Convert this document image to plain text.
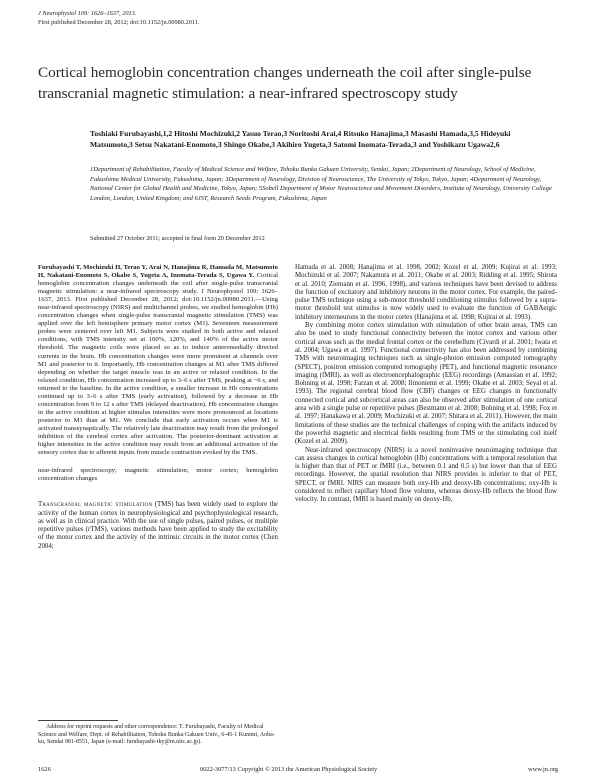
J Neurophysiol 109: 1626–1637, 2013.
First published December 28, 2012; doi:10.1152/jn.00980.2011.
Cortical hemoglobin concentration changes underneath the coil after single-pulse transcranial magnetic stimulation: a near-infrared spectroscopy study
Toshiaki Furubayashi,1,2 Hitoshi Mochizuki,2 Yasuo Terao,3 Noritoshi Arai,4 Ritsuko Hanajima,3 Masashi Hamada,3,5 Hideyuki Matsumoto,3 Setsu Nakatani-Enomoto,3 Shingo Okabe,3 Akihiro Yugeta,3 Satomi Inomata-Terada,3 and Yoshikazu Ugawa2,6
1Department of Rehabilitation, Faculty of Medical Science and Welfare, Tohoku Bunka Gakuen University, Sendai, Japan; 2Department of Neurology, School of Medicine, Fukushima Medical University, Fukushima, Japan; 3Department of Neurology, Division of Neuroscience, The University of Tokyo, Tokyo, Japan; 4Department of Neurology, National Center for Global Health and Medicine, Tokyo, Japan; 5Sobell Department of Motor Neuroscience and Movement Disorders, Institute of Neurology, University College London, London, United Kingdom; and 6JST, Research Seeds Program, Fukushima, Japan
Submitted 27 October 2011; accepted in final form 20 December 2012

Furubayashi T, Mochizuki H, Terao Y, Arai N, Hanajima R, Hamada M, Matsumoto H, Nakatani-Enomoto S, Okabe S, Yugeta A, Inomata-Terada S, Ugawa Y. Cortical hemoglobin concentration changes underneath the coil after single-pulse transcranial magnetic stimulation: a near-infrared spectroscopy study. J Neurophysiol 109: 1626–1637, 2013. First published December 28, 2012; doi:10.1152/jn.00980.2011.—Using near-infrared spectroscopy (NIRS) and multichannel probes, we studied hemoglobin (Hb) concentration changes when single-pulse transcranial magnetic stimulation (TMS) was applied over the left hemisphere primary motor cortex (M1). Seventeen measurement probes were centered over left M1. Subjects were studied in both active and relaxed conditions, with TMS intensity set at 100%, 120%, and 140% of the active motor threshold. The magnetic coils were placed so as to induce anteromedially directed currents in the brain. Hb concentration changes were more prominent at channels over M1 and posterior to it. Importantly, Hb concentration changes at M1 after TMS differed depending on whether the target muscle was in an active or relaxed condition. In the relaxed condition, Hb concentration increased up to 3–6 s after TMS, peaking at ~6 s, and returned to the baseline. In the active condition, a smaller increase in Hb concentrations continued up to 3–6 s after TMS (early activation), followed by a decrease in Hb concentration from 9 to 12 s after TMS (delayed deactivation). Hb concentration changes in the active condition at higher stimulus intensities were more pronounced at locations posterior to M1 than at M1. We conclude that early activation occurs when M1 is activated transsynaptically. The relatively late deactivation may result from the prolonged inhibition of the cerebral cortex after activation. The posterior-dominant activation at higher intensities in the active condition may result from an additional activation of the sensory cortex due to afferent inputs from muscle contraction evoked by the TMS.

near-infrared spectroscopy; magnetic stimulation; motor cortex; hemoglobin concentration changes

Transcranial magnetic stimulation (TMS) has been widely used to explore the activity of the human cortex in neurophysiological and psychophysiological research, as well as in clinical practice. With the use of single pulses, paired pulses, or multiple repetitive pulses (rTMS), various methods have been applied to study the excitability of the motor cortex and the activity of the intrinsic circuits in the motor cortex (Chen 2004;

Hamada et al. 2008; Hanajima et al. 1998, 2002; Kozel et al. 2009; Kujirai et al. 1993; Mochizuki et al. 2007; Nakamura et al. 2011; Okabe et al. 2003; Ridding et al. 1995; Shirota et al. 2010; Ziemann et al. 1996, 1998), and various techniques have been devised to address the function of excitatory and inhibitory neurons in the motor cortex. For example, the paired-pulse TMS technique using a sub-motor threshold conditioning stimulus followed by a supra-motor threshold test stimulus is now widely used to evaluate the function of GABAergic inhibitory interneurons in the motor cortex (Hanajima et al. 1998; Kujirai et al. 1993).

By combining motor cortex stimulation with stimulation of other brain areas, TMS can also be used to study functional connectivity between the motor cortex and various other cortical areas such as the medial frontal cortex or the cerebellum (Civardi et al. 2001; Iwata et al. 2004; Ugawa et al. 1997). Functional connectivity has also been addressed by combining TMS with neuroimaging techniques such as single-photon emission computed tomography (SPECT), positron emission computed tomography (PET), and functional magnetic resonance imaging (fMRI), as well as electroencephalographic (EEG) recordings (Amassian et al. 1992; Bohning et al. 1998; Farzan et al. 2008; Ilmoniemi et al. 1999; Okabe et al. 2003; Seyal et al. 1993). The regional cerebral blood flow (CBF) changes or EEG changes in functionally connected cortical and subcortical areas can also be observed after stimulation of one cortical area with a single pulse or repetitive pulses (Bestmann et al. 2008; Bohning et al. 1998; Fox et al. 1997; Hanakawa et al. 2009; Mochizuki et al. 2007; Shitara et al. 2011). However, the main limitations of these studies are the technical challenges of coping with the artifacts induced by the powerful magnetic and electrical fields resulting from TMS or the stimulating coil itself (Kozel et al. 2009).

Near-infrared spectroscopy (NIRS) is a novel noninvasive neuroimaging technique that can assess changes in cortical hemoglobin (Hb) concentrations with a temporal resolution that is higher than that of PET or fMRI (i.e., between 0.1 and 0.5 s) but lower than that of EEG recordings. However, the spatial resolution that NIRS provides is inferior to that of PET, SPECT, or fMRI. NIRS can measure both oxy-Hb and deoxy-Hb concentrations; oxy-Hb is considered to reflect capillary blood flow volume, whereas deoxy-Hb reflects the blood flow velocity. In contrast, fMRI is based mainly on deoxy-Hb,

Address for reprint requests and other correspondence: T. Furubayashi, Faculty of Medical Science and Welfare, Dept. of Rehabilitation, Tohoku Bunka Gakuen Univ., 6-45-1 Kunimi, Aoba-ku, Sendai 981-8551, Japan (e-mail: furubayashi-tky@m.nitc.ac.jp).
1626	0022-3077/13 Copyright © 2013 the American Physiological Society	www.jn.org
